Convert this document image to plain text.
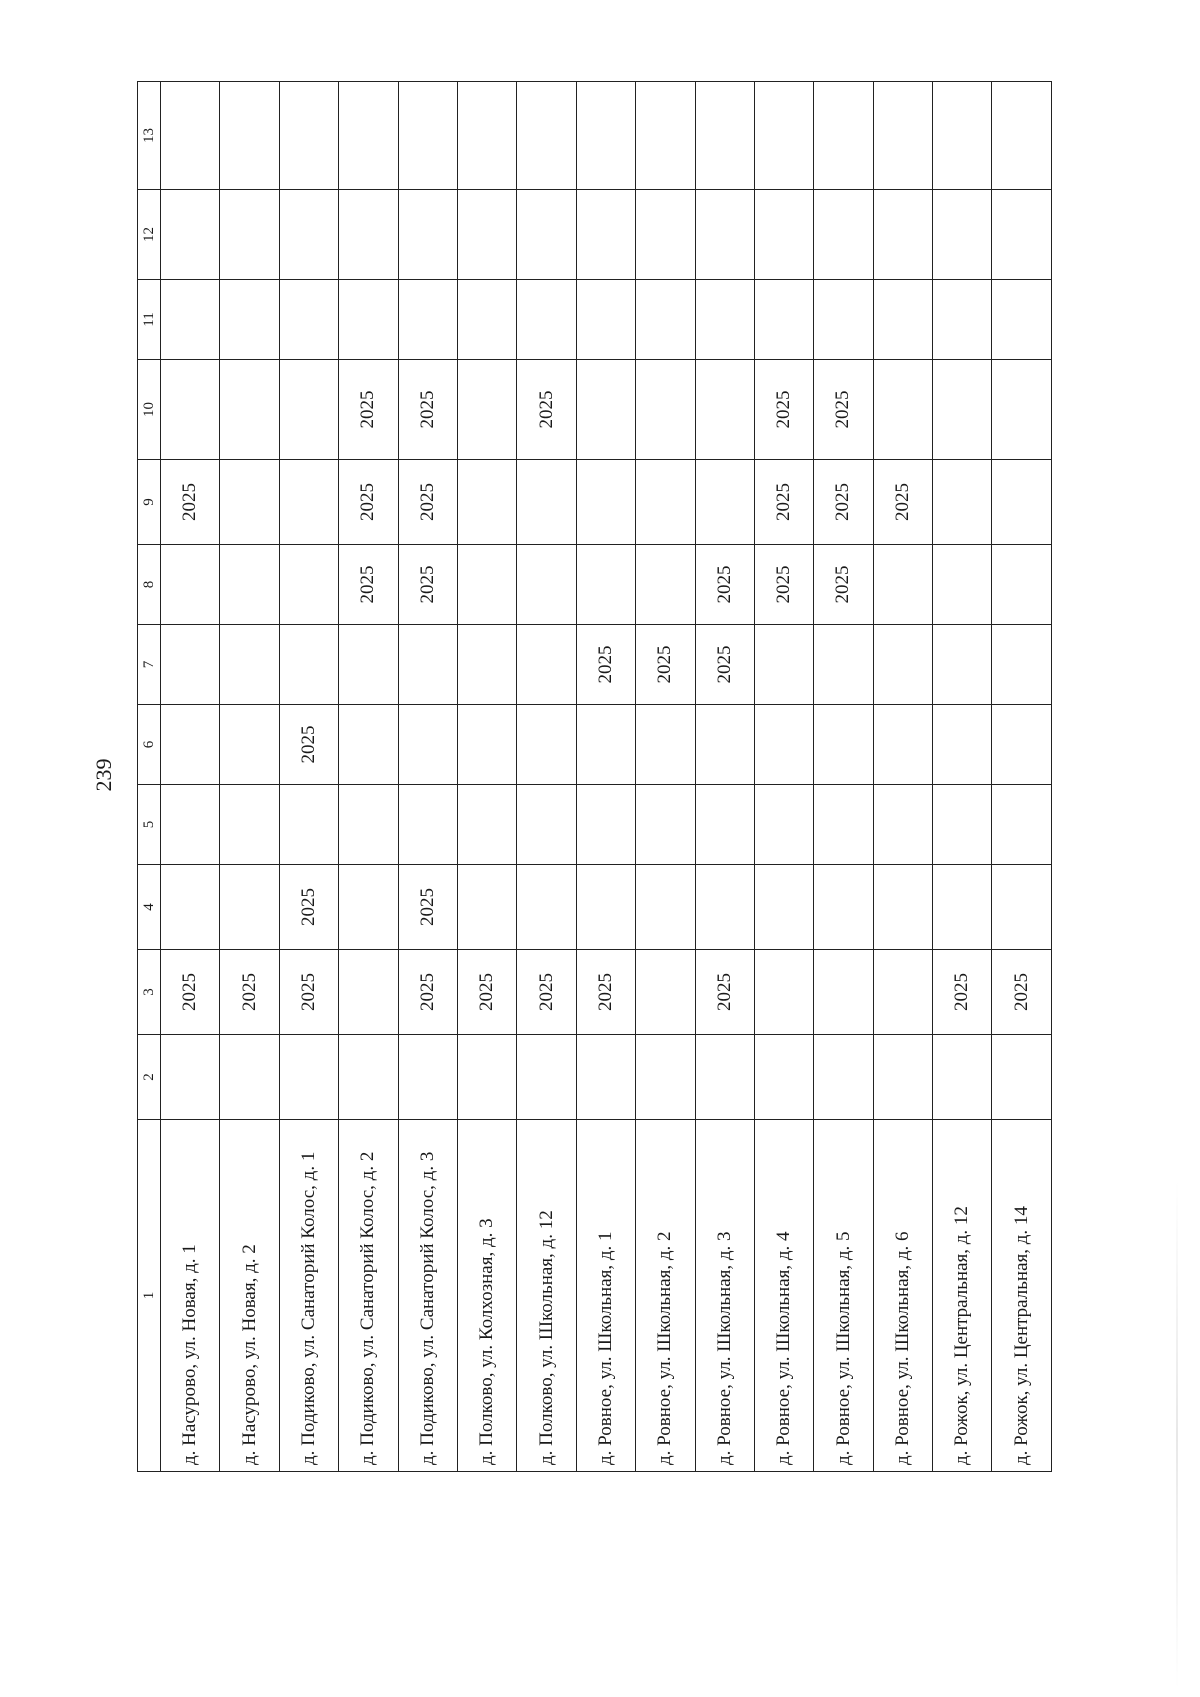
239
1	2	3	4	5	6	7	8	9	10	11	12	13
д. Насурово, ул. Новая, д. 1		2025						2025				
д. Насурово, ул. Новая, д. 2		2025										
д. Подиково, ул. Санаторий Колос, д. 1		2025	2025		2025							
д. Подиково, ул. Санаторий Колос, д. 2							2025	2025	2025			
д. Подиково, ул. Санаторий Колос, д. 3		2025	2025				2025	2025	2025			
д. Полково, ул. Колхозная, д. 3		2025										
д. Полково, ул. Школьная, д. 12		2025							2025			
д. Ровное, ул. Школьная, д. 1		2025				2025						
д. Ровное, ул. Школьная, д. 2						2025						
д. Ровное, ул. Школьная, д. 3		2025				2025	2025					
д. Ровное, ул. Школьная, д. 4							2025	2025	2025			
д. Ровное, ул. Школьная, д. 5							2025	2025	2025			
д. Ровное, ул. Школьная, д. 6								2025				
д. Рожок, ул. Центральная, д. 12		2025										
д. Рожок, ул. Центральная, д. 14		2025										
